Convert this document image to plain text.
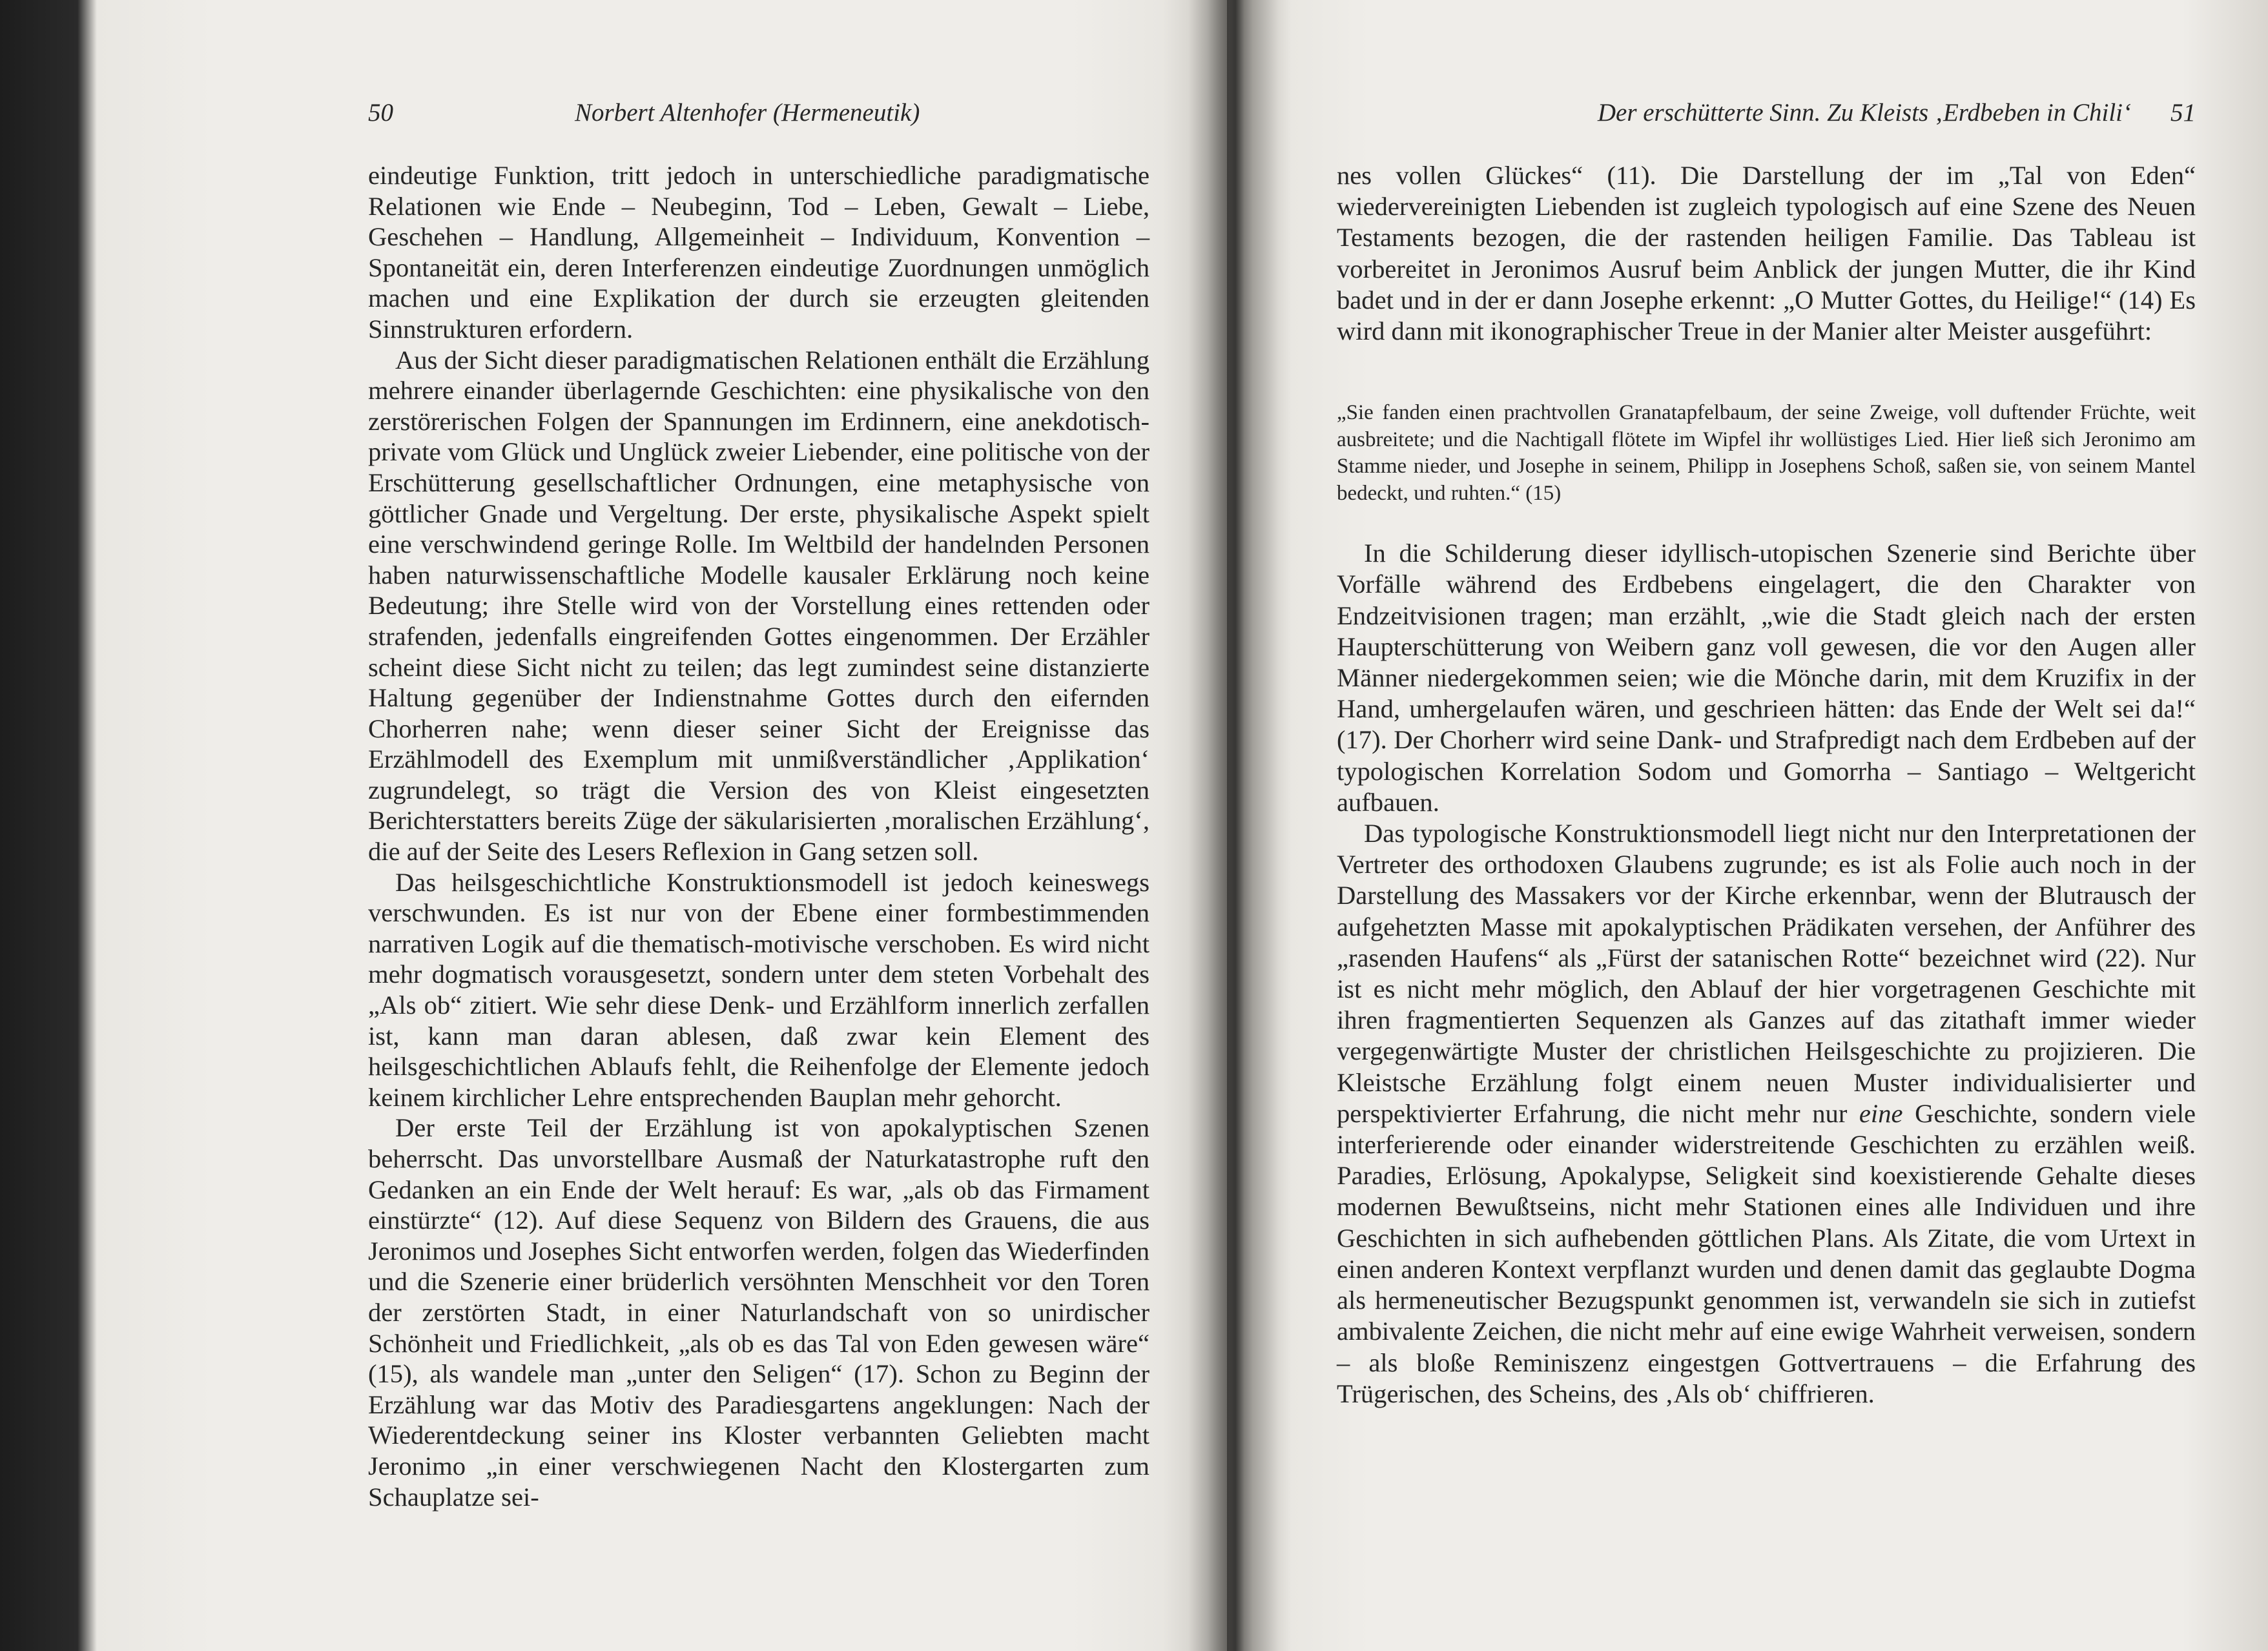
50	Norbert Altenhofer (Hermeneutik)

eindeutige Funktion, tritt jedoch in unterschiedliche paradigmatische Relationen wie Ende – Neubeginn, Tod – Leben, Gewalt – Liebe, Geschehen – Handlung, Allgemeinheit – Individuum, Konvention – Spontaneität ein, deren Interferenzen eindeutige Zuordnungen unmöglich machen und eine Explikation der durch sie erzeugten gleitenden Sinnstrukturen erfordern.

Aus der Sicht dieser paradigmatischen Relationen enthält die Erzählung mehrere einander überlagernde Geschichten: eine physikalische von den zerstörerischen Folgen der Spannungen im Erdinnern, eine anekdotisch-private vom Glück und Unglück zweier Liebender, eine politische von der Erschütterung gesellschaftlicher Ordnungen, eine metaphysische von göttlicher Gnade und Vergeltung. Der erste, physikalische Aspekt spielt eine verschwindend geringe Rolle. Im Weltbild der handelnden Personen haben naturwissenschaftliche Modelle kausaler Erklärung noch keine Bedeutung; ihre Stelle wird von der Vorstellung eines rettenden oder strafenden, jedenfalls eingreifenden Gottes eingenommen. Der Erzähler scheint diese Sicht nicht zu teilen; das legt zumindest seine distanzierte Haltung gegenüber der Indienstnahme Gottes durch den eifernden Chorherren nahe; wenn dieser seiner Sicht der Ereignisse das Erzählmodell des Exemplum mit unmißverständlicher ‚Applikation‘ zugrundelegt, so trägt die Version des von Kleist eingesetzten Berichterstatters bereits Züge der säkularisierten ‚moralischen Erzählung‘, die auf der Seite des Lesers Reflexion in Gang setzen soll.

Das heilsgeschichtliche Konstruktionsmodell ist jedoch keineswegs verschwunden. Es ist nur von der Ebene einer formbestimmenden narrativen Logik auf die thematisch-motivische verschoben. Es wird nicht mehr dogmatisch vorausgesetzt, sondern unter dem steten Vorbehalt des „Als ob“ zitiert. Wie sehr diese Denk- und Erzählform innerlich zerfallen ist, kann man daran ablesen, daß zwar kein Element des heilsgeschichtlichen Ablaufs fehlt, die Reihenfolge der Elemente jedoch keinem kirchlicher Lehre entsprechenden Bauplan mehr gehorcht.

Der erste Teil der Erzählung ist von apokalyptischen Szenen beherrscht. Das unvorstellbare Ausmaß der Naturkatastrophe ruft den Gedanken an ein Ende der Welt herauf: Es war, „als ob das Firmament einstürzte“ (12). Auf diese Sequenz von Bildern des Grauens, die aus Jeronimos und Josephes Sicht entworfen werden, folgen das Wiederfinden und die Szenerie einer brüderlich versöhnten Menschheit vor den Toren der zerstörten Stadt, in einer Naturlandschaft von so unirdischer Schönheit und Friedlichkeit, „als ob es das Tal von Eden gewesen wäre“ (15), als wandele man „unter den Seligen“ (17). Schon zu Beginn der Erzählung war das Motiv des Paradiesgartens angeklungen: Nach der Wiederentdeckung seiner ins Kloster verbannten Geliebten macht Jeronimo „in einer verschwiegenen Nacht den Klostergarten zum Schauplatze sei-

Der erschütterte Sinn. Zu Kleists ‚Erdbeben in Chili‘ 51

nes vollen Glückes“ (11). Die Darstellung der im „Tal von Eden“ wiedervereinigten Liebenden ist zugleich typologisch auf eine Szene des Neuen Testaments bezogen, die der rastenden heiligen Familie. Das Tableau ist vorbereitet in Jeronimos Ausruf beim Anblick der jungen Mutter, die ihr Kind badet und in der er dann Josephe erkennt: „O Mutter Gottes, du Heilige!“ (14) Es wird dann mit ikonographischer Treue in der Manier alter Meister ausgeführt:

„Sie fanden einen prachtvollen Granatapfelbaum, der seine Zweige, voll duftender Früchte, weit ausbreitete; und die Nachtigall flötete im Wipfel ihr wollüstiges Lied. Hier ließ sich Jeronimo am Stamme nieder, und Josephe in seinem, Philipp in Josephens Schoß, saßen sie, von seinem Mantel bedeckt, und ruhten.“ (15)

In die Schilderung dieser idyllisch-utopischen Szenerie sind Berichte über Vorfälle während des Erdbebens eingelagert, die den Charakter von Endzeitvisionen tragen; man erzählt, „wie die Stadt gleich nach der ersten Haupterschütterung von Weibern ganz voll gewesen, die vor den Augen aller Männer niedergekommen seien; wie die Mönche darin, mit dem Kruzifix in der Hand, umhergelaufen wären, und geschrieen hätten: das Ende der Welt sei da!“ (17). Der Chorherr wird seine Dank- und Strafpredigt nach dem Erdbeben auf der typologischen Korrelation Sodom und Gomorrha – Santiago – Weltgericht aufbauen.

Das typologische Konstruktionsmodell liegt nicht nur den Interpretationen der Vertreter des orthodoxen Glaubens zugrunde; es ist als Folie auch noch in der Darstellung des Massakers vor der Kirche erkennbar, wenn der Blutrausch der aufgehetzten Masse mit apokalyptischen Prädikaten versehen, der Anführer des „rasenden Haufens“ als „Fürst der satanischen Rotte“ bezeichnet wird (22). Nur ist es nicht mehr möglich, den Ablauf der hier vorgetragenen Geschichte mit ihren fragmentierten Sequenzen als Ganzes auf das zitathaft immer wieder vergegenwärtigte Muster der christlichen Heilsgeschichte zu projizieren. Die Kleistsche Erzählung folgt einem neuen Muster individualisierter und perspektivierter Erfahrung, die nicht mehr nur eine Geschichte, sondern viele interferierende oder einander widerstreitende Geschichten zu erzählen weiß. Paradies, Erlösung, Apokalypse, Seligkeit sind koexistierende Gehalte dieses modernen Bewußtseins, nicht mehr Stationen eines alle Individuen und ihre Geschichten in sich aufhebenden göttlichen Plans. Als Zitate, die vom Urtext in einen anderen Kontext verpflanzt wurden und denen damit das geglaubte Dogma als hermeneutischer Bezugspunkt genommen ist, verwandeln sie sich in zutiefst ambivalente Zeichen, die nicht mehr auf eine ewige Wahrheit verweisen, sondern – als bloße Reminiszenz eingestgen Gottvertrauens – die Erfahrung des Trügerischen, des Scheins, des ‚Als ob‘ chiffrieren.
